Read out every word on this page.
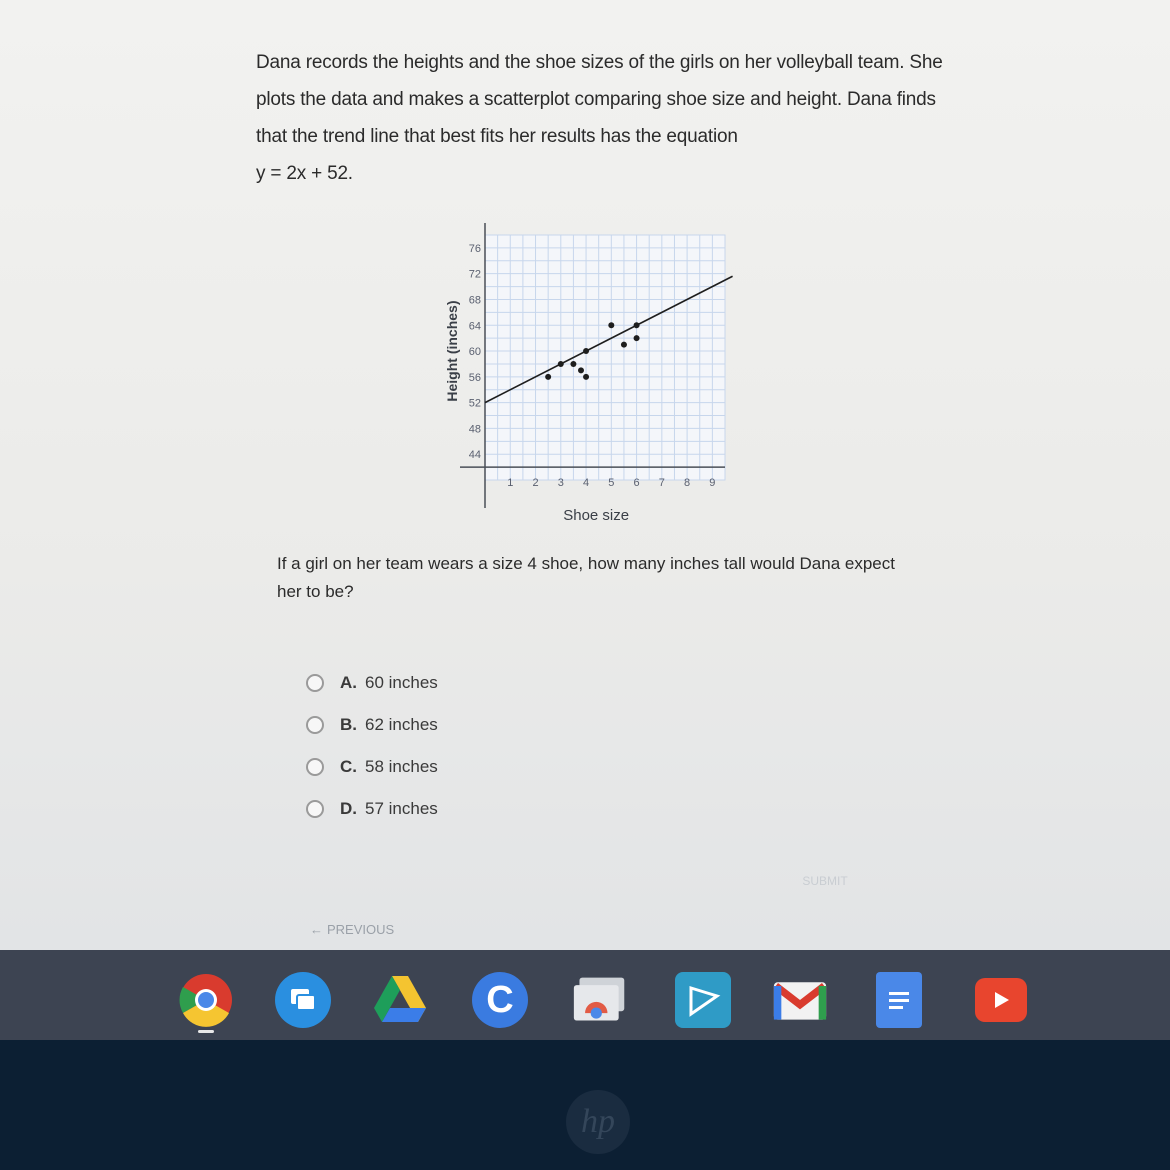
Dana records the heights and the shoe sizes of the girls on her volleyball team. She plots the data and makes a scatterplot comparing shoe size and height. Dana finds that the trend line that best fits her results has the equation

y = 2x + 52.

1 2 3 4 5 6 7 8 9
44
48
52
56
60
64
68
72
76
Shoe size
Height (inches)
If a girl on her team wears a size 4 shoe, how many inches tall would Dana expect her to be?
A. 60 inches
B. 62 inches
C. 58 inches
D. 57 inches
SUBMIT
← PREVIOUS
C
hp
